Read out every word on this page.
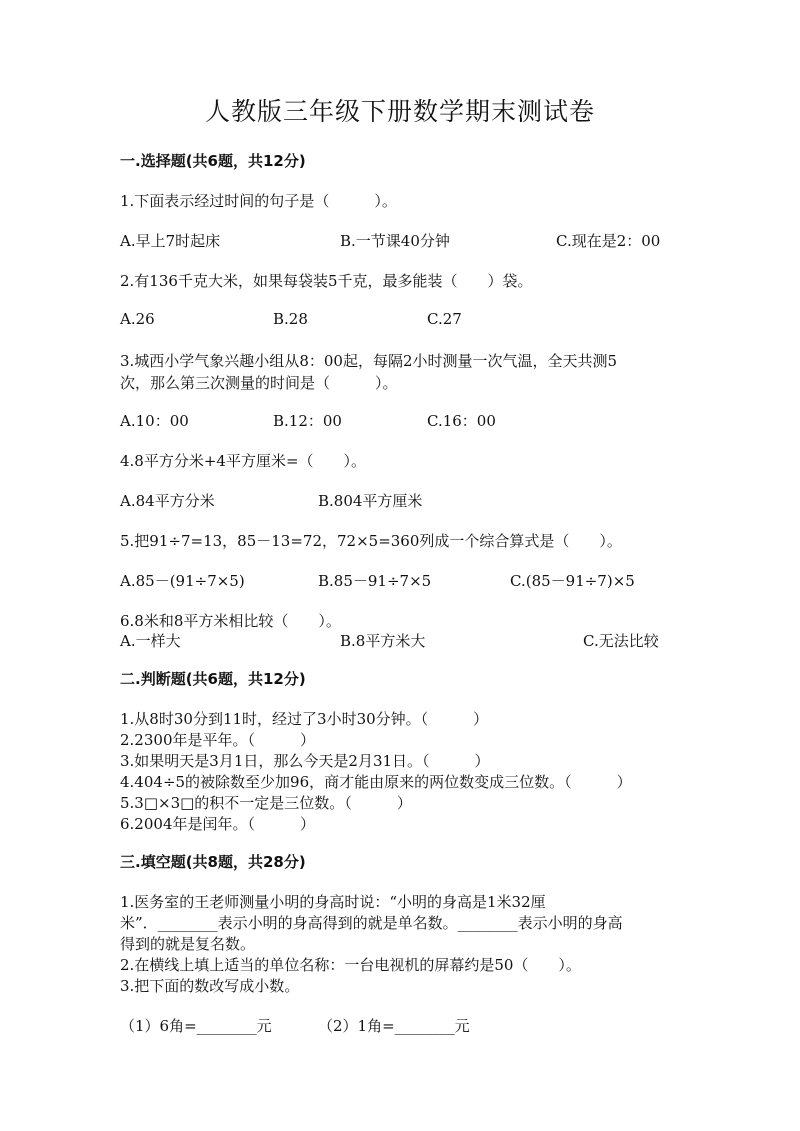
人教版三年级下册数学期末测试卷
一.选择题(共6题，共12分)
1.下面表示经过时间的句子是（　　　）。
A.早上7时起床	B.一节课40分钟	C.现在是2：00
2.有136千克大米，如果每袋装5千克，最多能装（　　）袋。
A.26	B.28	C.27
3.城西小学气象兴趣小组从8：00起，每隔2小时测量一次气温，全天共测5
次，那么第三次测量的时间是（　　　）。
A.10：00	B.12：00	C.16：00
4.8平方分米+4平方厘米=（　　）。
A.84平方分米	B.804平方厘米
5.把91÷7=13，85－13=72，72×5=360列成一个综合算式是（　　）。
A.85－(91÷7×5)	B.85－91÷7×5	C.(85－91÷7)×5
6.8米和8平方米相比较（　　）。
A.一样大	B.8平方米大	C.无法比较
二.判断题(共6题，共12分)
1.从8时30分到11时，经过了3小时30分钟。（　　　）
2.2300年是平年。（　　　）
3.如果明天是3月1日，那么今天是2月31日。（　　　）
4.404÷5的被除数至少加96，商才能由原来的两位数变成三位数。（　　　）
5.3□×3□的积不一定是三位数。（　　　）
6.2004年是闰年。（　　　）
三.填空题(共8题，共28分)
1.医务室的王老师测量小明的身高时说：“小明的身高是1米32厘
米”．________表示小明的身高得到的就是单名数。________表示小明的身高
得到的就是复名数。
2.在横线上填上适当的单位名称：一台电视机的屏幕约是50（　　）。
3.把下面的数改写成小数。
（1）6角=________元	（2）1角=________元
